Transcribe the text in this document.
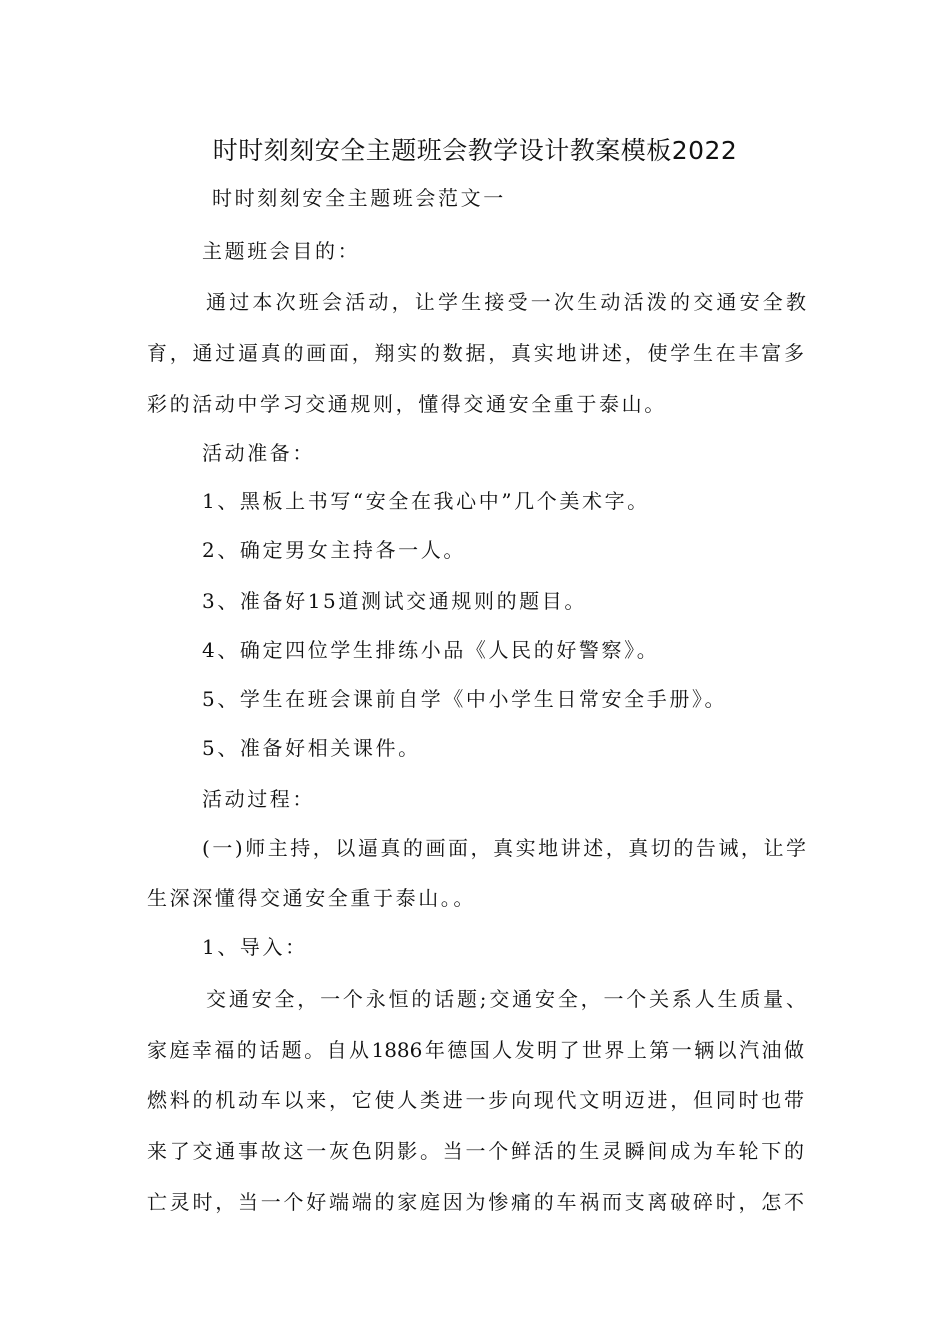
时时刻刻安全主题班会教学设计教案模板2022
时时刻刻安全主题班会范文一
主题班会目的：
通过本次班会活动，让学生接受一次生动活泼的交通安全教
育，通过逼真的画面，翔实的数据，真实地讲述，使学生在丰富多
彩的活动中学习交通规则，懂得交通安全重于泰山。
活动准备：
1、黑板上书写“安全在我心中”几个美术字。
2、确定男女主持各一人。
3、准备好15道测试交通规则的题目。
4、确定四位学生排练小品《人民的好警察》。
5、学生在班会课前自学《中小学生日常安全手册》。
5、准备好相关课件。
活动过程：
(一)师主持，以逼真的画面，真实地讲述，真切的告诫，让学
生深深懂得交通安全重于泰山。。
1、导入：
交通安全，一个永恒的话题;交通安全，一个关系人生质量、
家庭幸福的话题。自从1886年德国人发明了世界上第一辆以汽油做
燃料的机动车以来，它使人类进一步向现代文明迈进，但同时也带
来了交通事故这一灰色阴影。当一个鲜活的生灵瞬间成为车轮下的
亡灵时，当一个好端端的家庭因为惨痛的车祸而支离破碎时，怎不
